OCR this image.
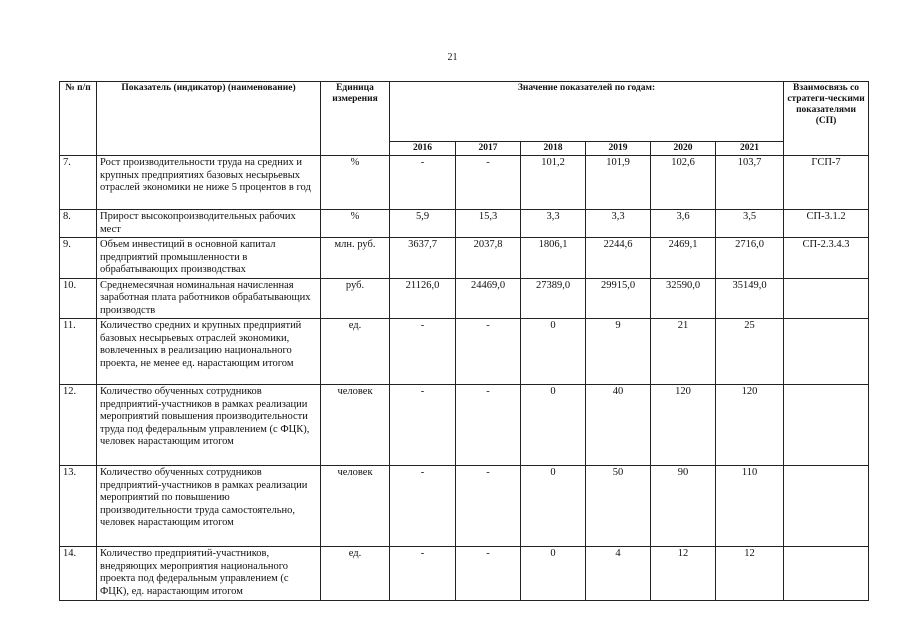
21
№ п/п	Показатель (индикатор) (наименование)	Единица измерения	Значение показателей по годам:						Взаимосвязь со стратеги-ческими показателями (СП)
			2016	2017	2018	2019	2020	2021	
7.	Рост производительности труда на средних и крупных предприятиях базовых несырьевых отраслей экономики не ниже 5 процентов в год	%	-	-	101,2	101,9	102,6	103,7	ГСП-7
8.	Прирост высокопроизводительных рабочих мест	%	5,9	15,3	3,3	3,3	3,6	3,5	СП-3.1.2
9.	Объем инвестиций в основной капитал предприятий промышленности в обрабатывающих производствах	млн. руб.	3637,7	2037,8	1806,1	2244,6	2469,1	2716,0	СП-2.3.4.3
10.	Среднемесячная номинальная начисленная заработная плата работников обрабатывающих производств	руб.	21126,0	24469,0	27389,0	29915,0	32590,0	35149,0	
11.	Количество средних и крупных предприятий базовых несырьевых отраслей экономики, вовлеченных в реализацию национального проекта, не менее ед. нарастающим итогом	ед.	-	-	0	9	21	25	
12.	Количество обученных сотрудников предприятий-участников в рамках реализации мероприятий повышения производительности труда под федеральным управлением (с ФЦК), человек нарастающим итогом	человек	-	-	0	40	120	120	
13.	Количество обученных сотрудников предприятий-участников в рамках реализации мероприятий по повышению производительности труда самостоятельно, человек нарастающим итогом	человек	-	-	0	50	90	110	
14.	Количество предприятий-участников, внедряющих мероприятия национального проекта под федеральным управлением (с ФЦК), ед. нарастающим итогом	ед.	-	-	0	4	12	12	
